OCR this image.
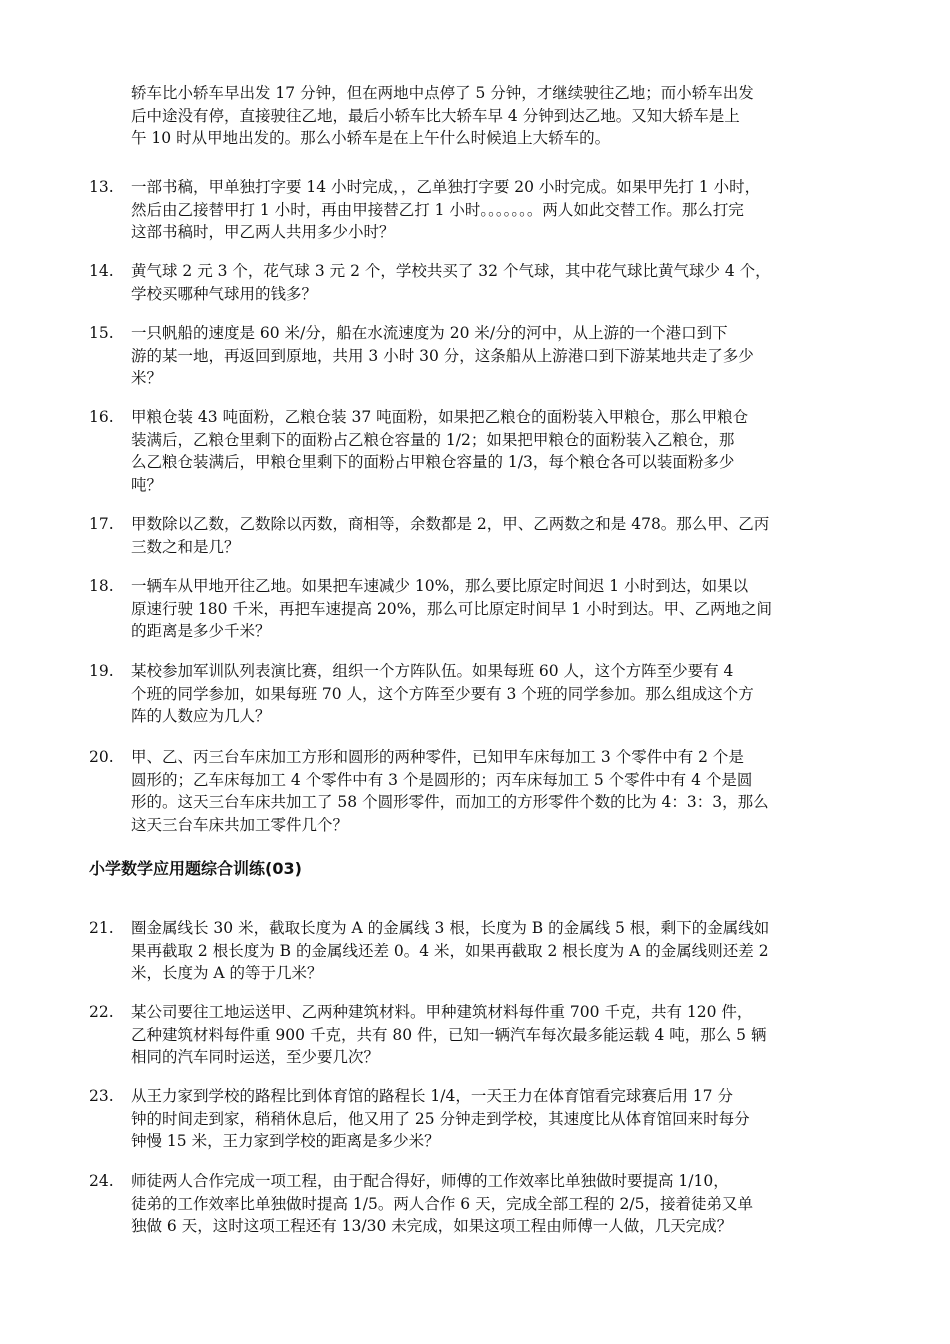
轿车比小轿车早出发 17 分钟，但在两地中点停了 5 分钟，才继续驶往乙地；而小轿车出发
后中途没有停，直接驶往乙地，最后小轿车比大轿车早 4 分钟到达乙地。又知大轿车是上
午 10 时从甲地出发的。那么小轿车是在上午什么时候追上大轿车的。
13.	一部书稿，甲单独打字要 14 小时完成，，乙单独打字要 20 小时完成。如果甲先打 1 小时，
然后由乙接替甲打 1 小时，再由甲接替乙打 1 小时。。。。。。。两人如此交替工作。那么打完
这部书稿时，甲乙两人共用多少小时？
14.	黄气球 2 元 3 个，花气球 3 元 2 个，学校共买了 32 个气球，其中花气球比黄气球少 4 个，
学校买哪种气球用的钱多？
15.	一只帆船的速度是 60 米/分，船在水流速度为 20 米/分的河中，从上游的一个港口到下
游的某一地，再返回到原地，共用 3 小时 30 分，这条船从上游港口到下游某地共走了多少
米？
16.	甲粮仓装 43 吨面粉，乙粮仓装 37 吨面粉，如果把乙粮仓的面粉装入甲粮仓，那么甲粮仓
装满后，乙粮仓里剩下的面粉占乙粮仓容量的 1/2；如果把甲粮仓的面粉装入乙粮仓，那
么乙粮仓装满后，甲粮仓里剩下的面粉占甲粮仓容量的 1/3，每个粮仓各可以装面粉多少
吨？
17.	甲数除以乙数，乙数除以丙数，商相等，余数都是 2，甲、乙两数之和是 478。那么甲、乙丙
三数之和是几？
18.	一辆车从甲地开往乙地。如果把车速减少 10%，那么要比原定时间迟 1 小时到达，如果以
原速行驶 180 千米，再把车速提高 20%，那么可比原定时间早 1 小时到达。甲、乙两地之间
的距离是多少千米？
19.	某校参加军训队列表演比赛，组织一个方阵队伍。如果每班 60 人，这个方阵至少要有 4
个班的同学参加，如果每班 70 人，这个方阵至少要有 3 个班的同学参加。那么组成这个方
阵的人数应为几人？
20.	甲、乙、丙三台车床加工方形和圆形的两种零件，已知甲车床每加工 3 个零件中有 2 个是
圆形的；乙车床每加工 4 个零件中有 3 个是圆形的；丙车床每加工 5 个零件中有 4 个是圆
形的。这天三台车床共加工了 58 个圆形零件，而加工的方形零件个数的比为 4：3：3，那么
这天三台车床共加工零件几个？
小学数学应用题综合训练(03)
21.	圈金属线长 30 米，截取长度为 A 的金属线 3 根，长度为 B 的金属线 5 根，剩下的金属线如
果再截取 2 根长度为 B 的金属线还差 0。4 米，如果再截取 2 根长度为 A 的金属线则还差 2
米，长度为 A 的等于几米？
22.	某公司要往工地运送甲、乙两种建筑材料。甲种建筑材料每件重 700 千克，共有 120 件，
乙种建筑材料每件重 900 千克，共有 80 件，已知一辆汽车每次最多能运载 4 吨，那么 5 辆
相同的汽车同时运送，至少要几次？
23.	从王力家到学校的路程比到体育馆的路程长 1/4，一天王力在体育馆看完球赛后用 17 分
钟的时间走到家，稍稍休息后，他又用了 25 分钟走到学校，其速度比从体育馆回来时每分
钟慢 15 米，王力家到学校的距离是多少米？
24.	师徒两人合作完成一项工程，由于配合得好，师傅的工作效率比单独做时要提高 1/10，
徒弟的工作效率比单独做时提高 1/5。两人合作 6 天，完成全部工程的 2/5，接着徒弟又单
独做 6 天，这时这项工程还有 13/30 未完成，如果这项工程由师傅一人做，几天完成？
